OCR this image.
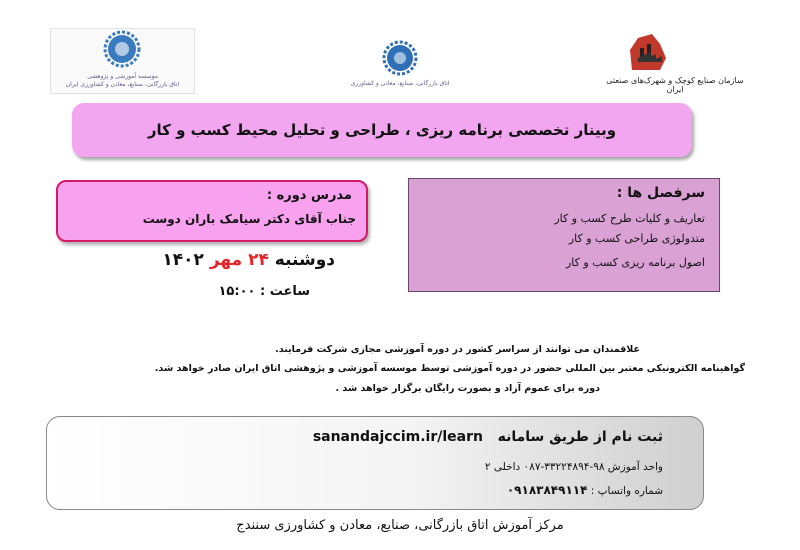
موسسه آموزشی و پژوهشی
اتاق بازرگانی، صنایع، معادن و کشاورزی ایران	اتاق بازرگانی، صنایع، معادن و کشاورزی	سازمان صنایع کوچک و شهرک‌های صنعتی ایران
وبینار تخصصی برنامه ریزی ، طراحی و تحلیل محیط کسب و کار
مدرس دوره :
جناب آقای دکتر سیامک باران دوست
دوشنبه ۲۴ مهر ۱۴۰۲
ساعت : ۱۵:۰۰
سرفصل ها :
تعاریف و کلیات طرح کسب و کار
متدولوژی طراحی کسب و کار
اصول برنامه ریزی کسب و کار
علاقمندان می توانند از سراسر کشور در دوره آموزشی مجازی شرکت فرمایند.
گواهینامه الکترونیکی معتبر بین المللی حضور در دوره آموزشی توسط موسسه آموزشی و پژوهشی اتاق ایران صادر خواهد شد.
دوره برای عموم آزاد و بصورت رایگان برگزار خواهد شد .
ثبت نام از طریق سامانه   sanandajccim.ir/learn
واحد آموزش ۹۸-۳۳۲۲۴۸۹۴-۰۸۷ داخلی ۲
شماره واتساپ : ۰۹۱۸۳۸۴۹۱۱۴
مرکز آموزش اتاق بازرگانی، صنایع، معادن و کشاورزی سنندج
